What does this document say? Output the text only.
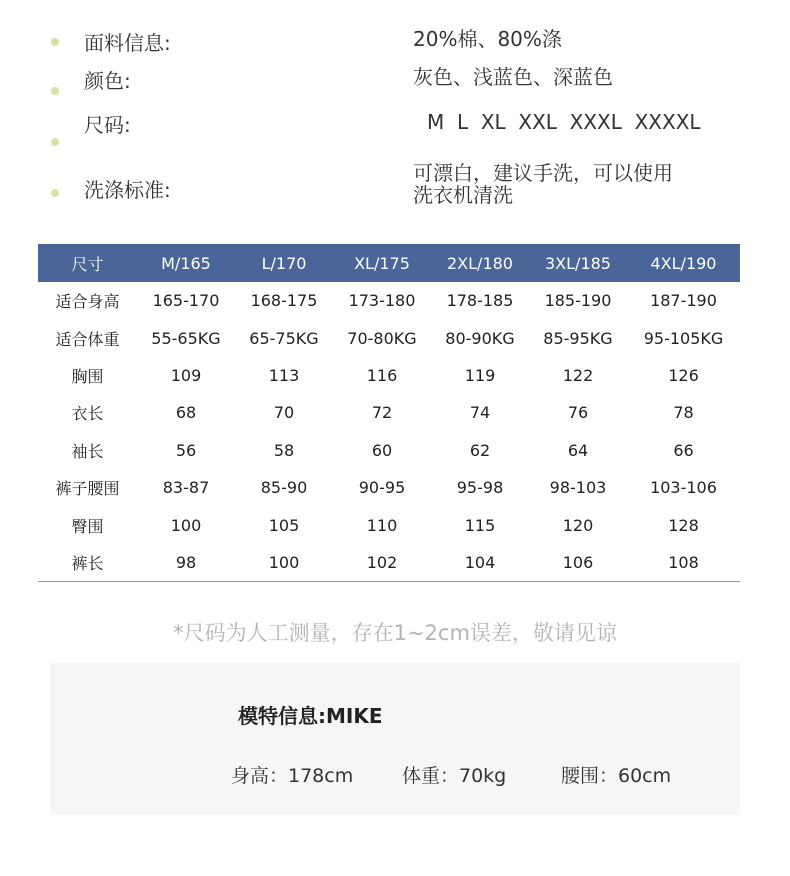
面料信息:	20%棉、80%涤
颜色:	灰色、浅蓝色、深蓝色
尺码:	M  L  XL  XXL  XXXL  XXXXL
洗涤标准:
可漂白，建议手洗，可以使用
洗衣机清洗
尺寸	M/165	L/170	XL/175	2XL/180	3XL/185	4XL/190
适合身高	165-170	168-175	173-180	178-185	185-190	187-190
适合体重	55-65KG	65-75KG	70-80KG	80-90KG	85-95KG	95-105KG
胸围	109	113	116	119	122	126
衣长	68	70	72	74	76	78
袖长	56	58	60	62	64	66
裤子腰围	83-87	85-90	90-95	95-98	98-103	103-106
臀围	100	105	110	115	120	128
裤长	98	100	102	104	106	108
*尺码为人工测量，存在1~2cm误差，敬请见谅
模特信息:MIKE
身高：178cm	体重：70kg	腰围：60cm
